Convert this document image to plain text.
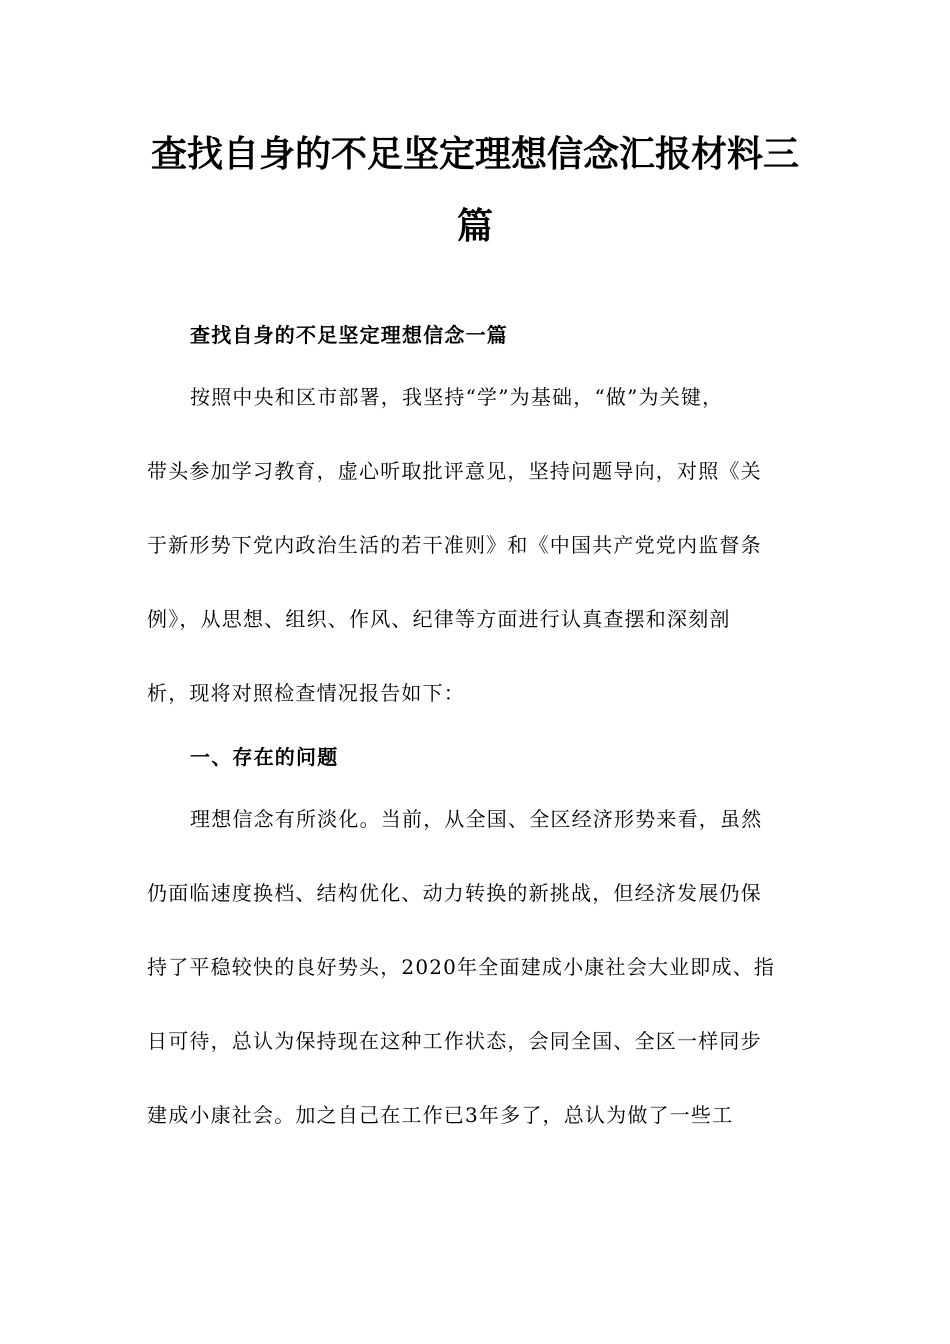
查找自身的不足坚定理想信念汇报材料三
篇
查找自身的不足坚定理想信念一篇
按照中央和区市部署，我坚持“学”为基础，“做”为关键，
带头参加学习教育，虚心听取批评意见，坚持问题导向，对照《关
于新形势下党内政治生活的若干准则》和《中国共产党党内监督条
例》，从思想、组织、作风、纪律等方面进行认真查摆和深刻剖
析，现将对照检查情况报告如下：
一、存在的问题
理想信念有所淡化。当前，从全国、全区经济形势来看，虽然
仍面临速度换档、结构优化、动力转换的新挑战，但经济发展仍保
持了平稳较快的良好势头，2020年全面建成小康社会大业即成、指
日可待，总认为保持现在这种工作状态，会同全国、全区一样同步
建成小康社会。加之自己在工作已3年多了，总认为做了一些工
